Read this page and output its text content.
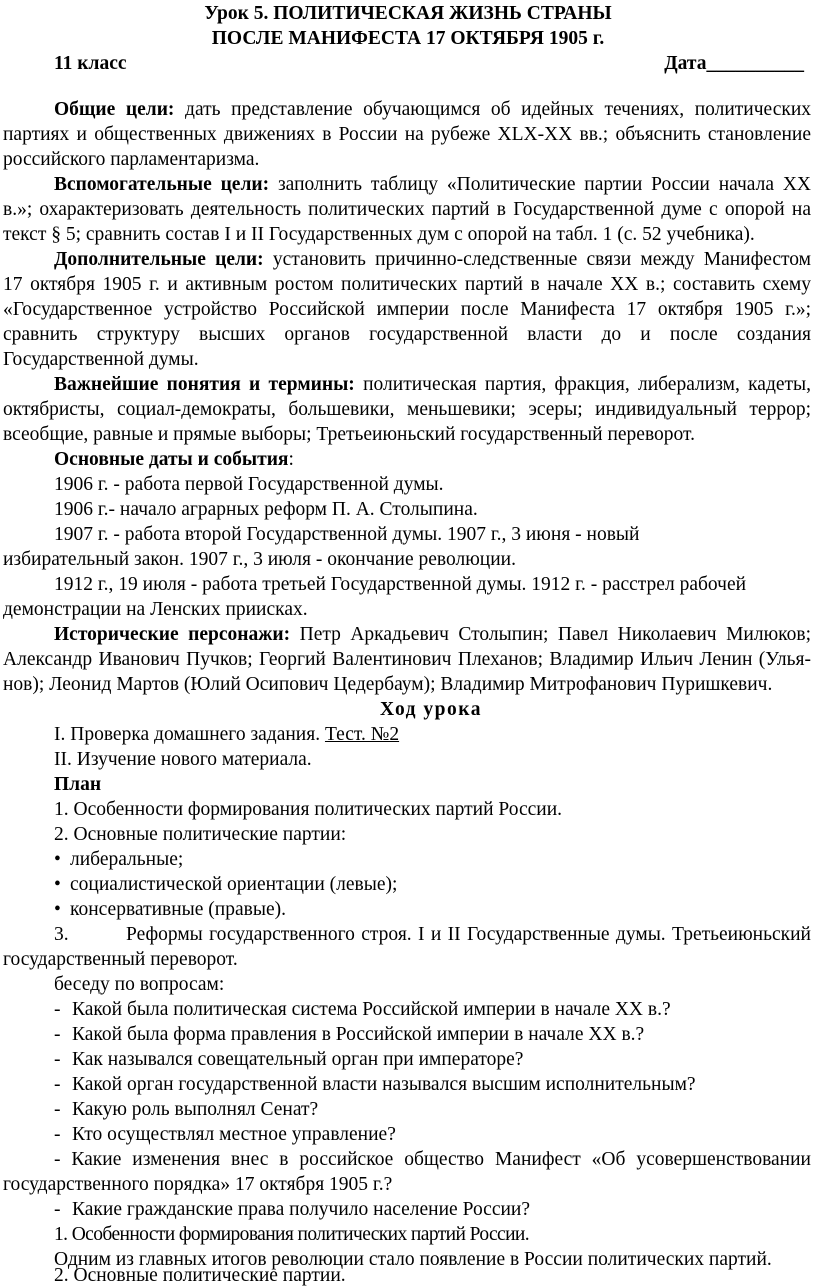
Урок 5. ПОЛИТИЧЕСКАЯ ЖИЗНЬ СТРАНЫ
ПОСЛЕ МАНИФЕСТА 17 ОКТЯБРЯ 1905 г.
11 класс	Дата__________
Общие цели: дать представление обучающимся об идейных течениях, политических
партиях и общественных движениях в России на рубеже XLX-XX вв.; объяснить становление
российского парламентаризма.
Вспомогательные цели: заполнить таблицу «Политические партии России начала XX
в.»; охарактеризовать деятельность политических партий в Государственной думе с опорой на
текст § 5; сравнить состав I и II Государственных дум с опорой на табл. 1 (с. 52 учебника).
Дополнительные цели: установить причинно-следственные связи между Манифестом
17 октября 1905 г. и активным ростом политических партий в начале XX в.; составить схему
«Государственное устройство Российской империи после Манифеста 17 октября 1905 г.»;
сравнить структуру высших органов государственной власти до и после создания
Государственной думы.
Важнейшие понятия и термины: политическая партия, фракция, либерализм, кадеты,
октябристы, социал-демократы, большевики, меньшевики; эсеры; индивидуальный террор;
всеобщие, равные и прямые выборы; Третьеиюньский государственный переворот.
Основные даты и события:
1906 г. - работа первой Государственной думы.
1906 г.- начало аграрных реформ П. А. Столыпина.
1907 г. - работа второй Государственной думы. 1907 г., 3 июня - новый
избирательный закон. 1907 г., 3 июля - окончание революции.
1912 г., 19 июля - работа третьей Государственной думы. 1912 г. - расстрел рабочей
демонстрации на Ленских приисках.
Исторические персонажи: Петр Аркадьевич Столыпин; Павел Николаевич Милюков;
Александр Иванович Пучков; Георгий Валентинович Плеханов; Владимир Ильич Ленин (Улья-
нов); Леонид Мартов (Юлий Осипович Цедербаум); Владимир Митрофанович Пуришкевич.
Ход урока
I. Проверка домашнего задания. Тест. №2
II. Изучение нового материала.
План
1. Особенности формирования политических партий России.
2. Основные политические партии:
• либеральные;
• социалистической ориентации (левые);
• консервативные (правые).
3.	Реформы государственного строя. I и II Государственные думы. Третьеиюньский
государственный переворот.
беседу по вопросам:
- Какой была политическая система Российской империи в начале XX в.?
- Какой была форма правления в Российской империи в начале XX в.?
- Как назывался совещательный орган при императоре?
- Какой орган государственной власти назывался высшим исполнительным?
- Какую роль выполнял Сенат?
- Кто осуществлял местное управление?
- Какие изменения внес в российское общество Манифест «Об усовершенствовании
государственного порядка» 17 октября 1905 г.?
- Какие гражданские права получило население России?
1. Особенности формирования политических партий России.
Одним из главных итогов революции стало появление в России политических партий.
2. Основные политические партии.
